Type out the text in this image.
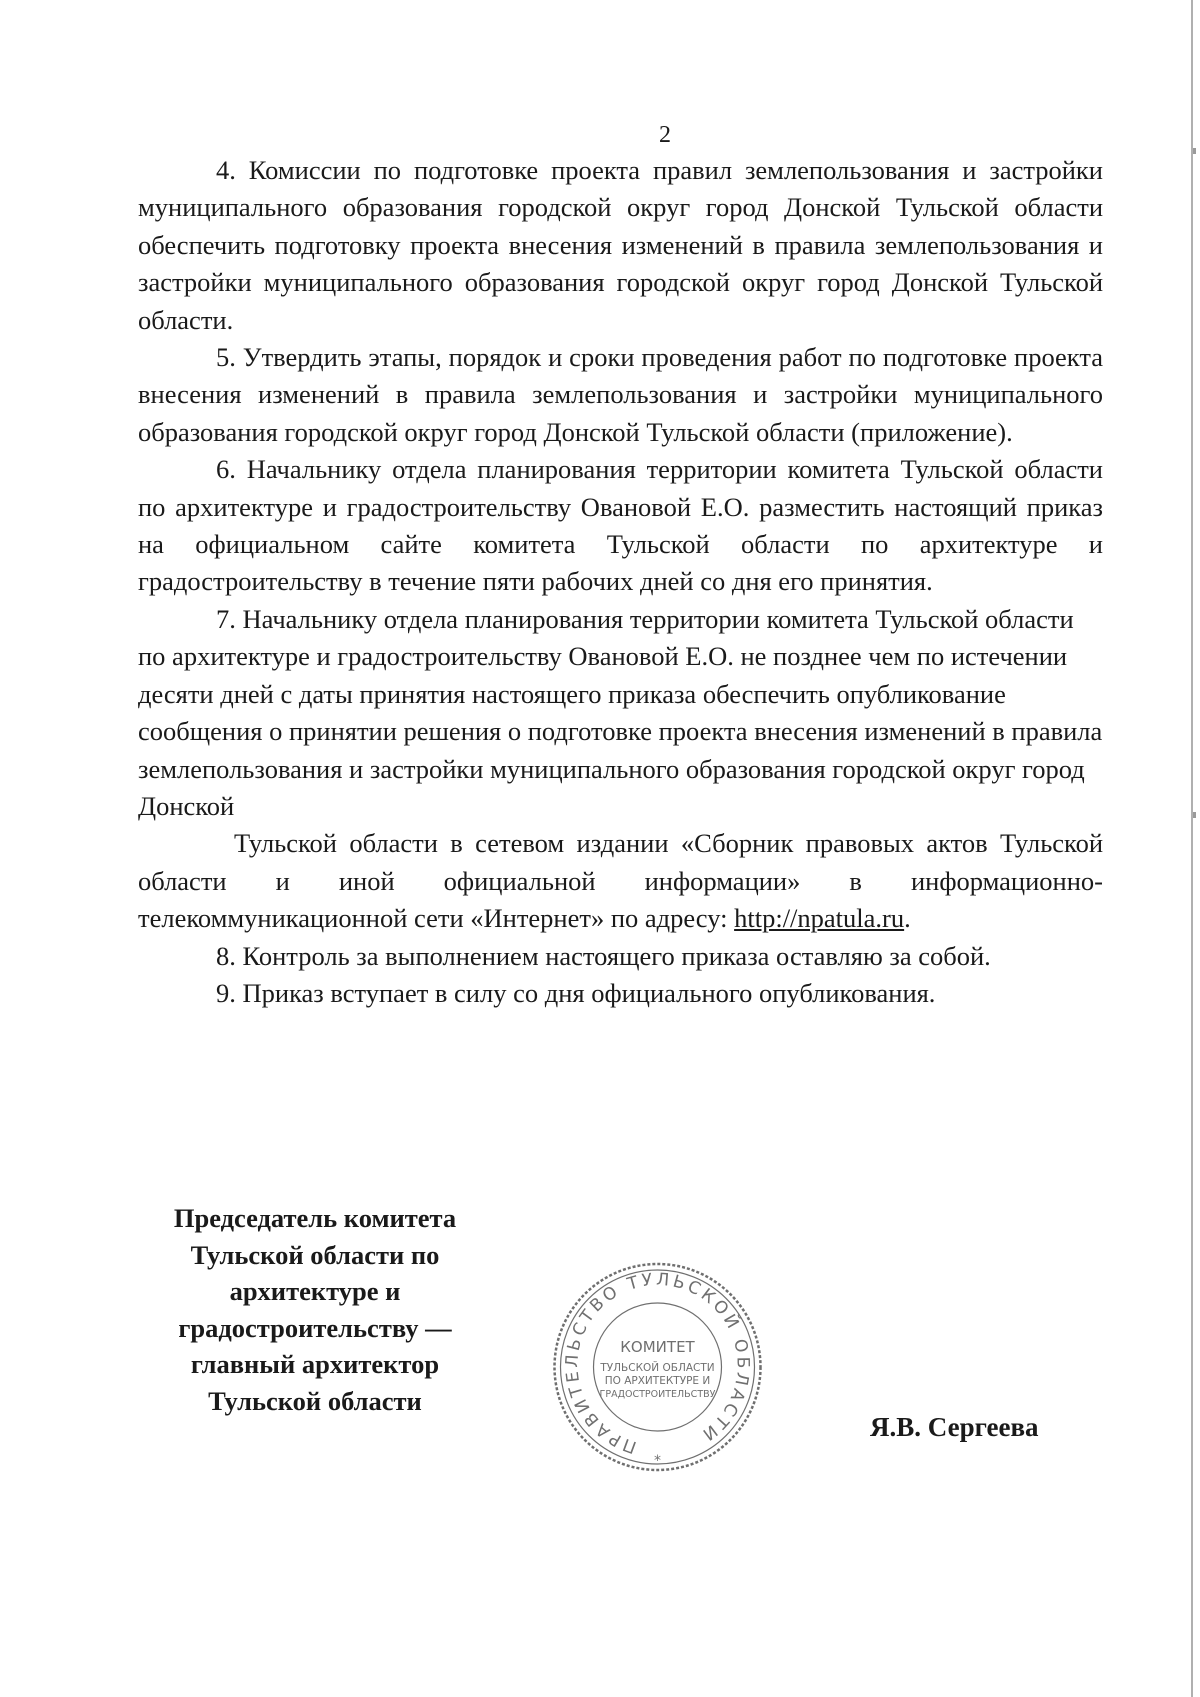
2

4. Комиссии по подготовке проекта правил землепользования и застройки муниципального образования городской округ город Донской Тульской области обеспечить подготовку проекта внесения изменений в правила землепользования и застройки муниципального образования городской округ город Донской Тульской области.

5. Утвердить этапы, порядок и сроки проведения работ по подготовке проекта внесения изменений в правила землепользования и застройки муниципального образования городской округ город Донской Тульской области (приложение).

6. Начальнику отдела планирования территории комитета Тульской области по архитектуре и градостроительству Овановой Е.О. разместить настоящий приказ на официальном сайте комитета Тульской области по архитектуре и градостроительству в течение пяти рабочих дней со дня его принятия.

7. Начальнику отдела планирования территории комитета Тульской области по архитектуре и градостроительству Овановой Е.О. не позднее чем по истечении десяти дней с даты принятия настоящего приказа обеспечить опубликование сообщения о принятии решения о подготовке проекта внесения изменений в правила землепользования и застройки муниципального образования городской округ город Донской

Тульской области в сетевом издании «Сборник правовых актов Тульской области и иной официальной информации» в информационно-телекоммуникационной сети «Интернет» по адресу: http://npatula.ru.

8. Контроль за выполнением настоящего приказа оставляю за собой.

9. Приказ вступает в силу со дня официального опубликования.

Председатель комитета
Тульской области по
архитектуре и
градостроительству —
главный архитектор
Тульской области
ПРАВИТЕЛЬСТВО ТУЛЬСКОЙ ОБЛАСТИ
КОМИТЕТ
ТУЛЬСКОЙ ОБЛАСТИ
ПО АРХИТЕКТУРЕ И
ГРАДОСТРОИТЕЛЬСТВУ
*
Я.В. Сергеева
